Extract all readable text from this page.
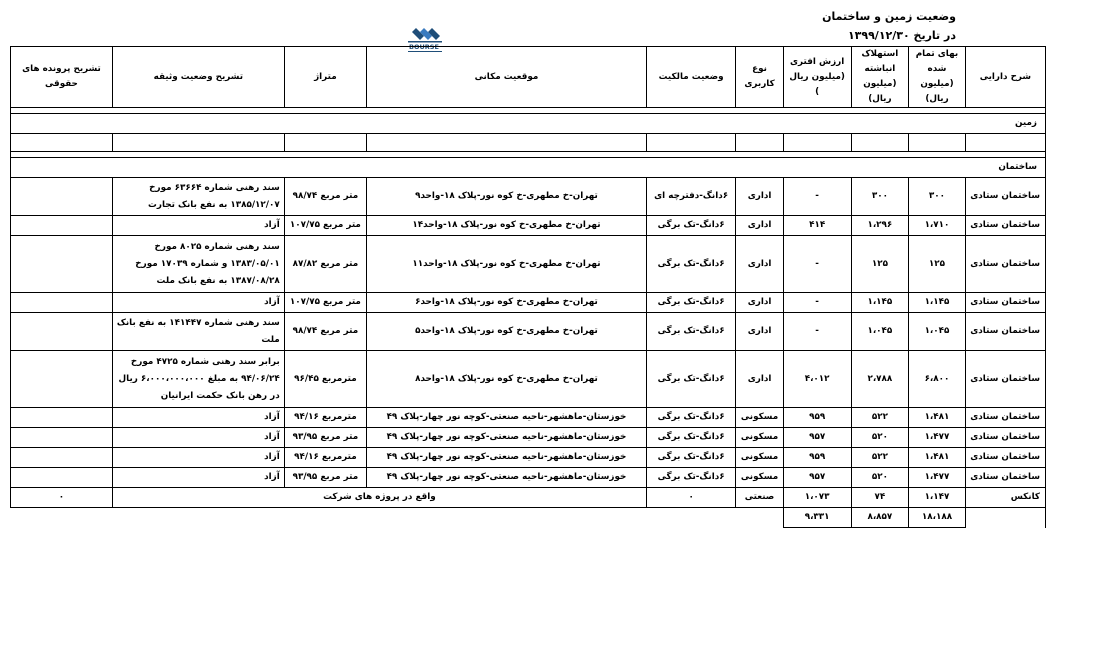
وضعیت زمین و ساختمان
در تاریخ ۱۳۹۹/۱۲/۳۰
BOURSE
شرح دارایی	بهای تمام شده (میلیون ریال)	استهلاک انباشته (میلیون ریال)	ارزش افتری (میلیون ریال )	نوع کاربری	وضعیت مالکیت	موقعیت مکانی	متراژ	تشریح وضعیت وثیقه	تشریح پرونده های حقوقی

زمین									

ساختمان									
ساختمان ستادی	۳۰۰	۳۰۰	-	اداری	۶دانگ-دفترچه ای	تهران-خ مطهری-خ کوه نور-پلاک ۱۸-واحد۹	متر مربع ۹۸/۷۴	سند رهنی شماره ۶۳۶۶۴ مورخ ۱۳۸۵/۱۲/۰۷ به نفع بانک تجارت	
ساختمان ستادی	۱،۷۱۰	۱،۲۹۶	۴۱۴	اداری	۶دانگ-تک برگی	تهران-خ مطهری-خ کوه نور-پلاک ۱۸-واحد۱۴	متر مربع ۱۰۷/۷۵	آزاد	
ساختمان ستادی	۱۲۵	۱۲۵	-	اداری	۶دانگ-تک برگی	تهران-خ مطهری-خ کوه نور-پلاک ۱۸-واحد۱۱	متر مربع ۸۷/۸۲	سند رهنی شماره ۸۰۲۵ مورخ ۱۳۸۳/۰۵/۰۱ و شماره ۱۷۰۳۹ مورخ ۱۳۸۷/۰۸/۲۸ به نفع بانک ملت	
ساختمان ستادی	۱،۱۴۵	۱،۱۴۵	-	اداری	۶دانگ-تک برگی	تهران-خ مطهری-خ کوه نور-پلاک ۱۸-واحد۶	متر مربع ۱۰۷/۷۵	آزاد	
ساختمان ستادی	۱،۰۴۵	۱،۰۴۵	-	اداری	۶دانگ-تک برگی	تهران-خ مطهری-خ کوه نور-پلاک ۱۸-واحد۵	متر مربع ۹۸/۷۴	سند رهنی شماره ۱۴۱۴۴۷ به نفع بانک ملت	
ساختمان ستادی	۶،۸۰۰	۲،۷۸۸	۴،۰۱۲	اداری	۶دانگ-تک برگی	تهران-خ مطهری-خ کوه نور-پلاک ۱۸-واحد۸	مترمربع ۹۶/۴۵	برابر سند رهنی شماره ۴۷۲۵ مورخ ۹۴/۰۶/۲۴ به مبلغ ۶،۰۰۰،۰۰۰،۰۰۰ ریال در رهن بانک حکمت ایرانیان	
ساختمان ستادی	۱،۴۸۱	۵۲۲	۹۵۹	مسکونی	۶دانگ-تک برگی	خوزستان-ماهشهر-ناحیه صنعتی-کوچه نور چهار-پلاک ۴۹	مترمربع ۹۴/۱۶	آزاد	
ساختمان ستادی	۱،۴۷۷	۵۲۰	۹۵۷	مسکونی	۶دانگ-تک برگی	خوزستان-ماهشهر-ناحیه صنعتی-کوچه نور چهار-پلاک ۴۹	متر مربع ۹۳/۹۵	آزاد	
ساختمان ستادی	۱،۴۸۱	۵۲۲	۹۵۹	مسکونی	۶دانگ-تک برگی	خوزستان-ماهشهر-ناحیه صنعتی-کوچه نور چهار-پلاک ۴۹	مترمربع ۹۴/۱۶	آزاد	
ساختمان ستادی	۱،۴۷۷	۵۲۰	۹۵۷	مسکونی	۶دانگ-تک برگی	خوزستان-ماهشهر-ناحیه صنعتی-کوچه نور چهار-پلاک ۴۹	متر مربع ۹۳/۹۵	آزاد	
کانکس	۱،۱۴۷	۷۴	۱،۰۷۳	صنعتی	۰	واقع در پروژه های شرکت			۰
	۱۸،۱۸۸	۸،۸۵۷	۹،۳۳۱						
